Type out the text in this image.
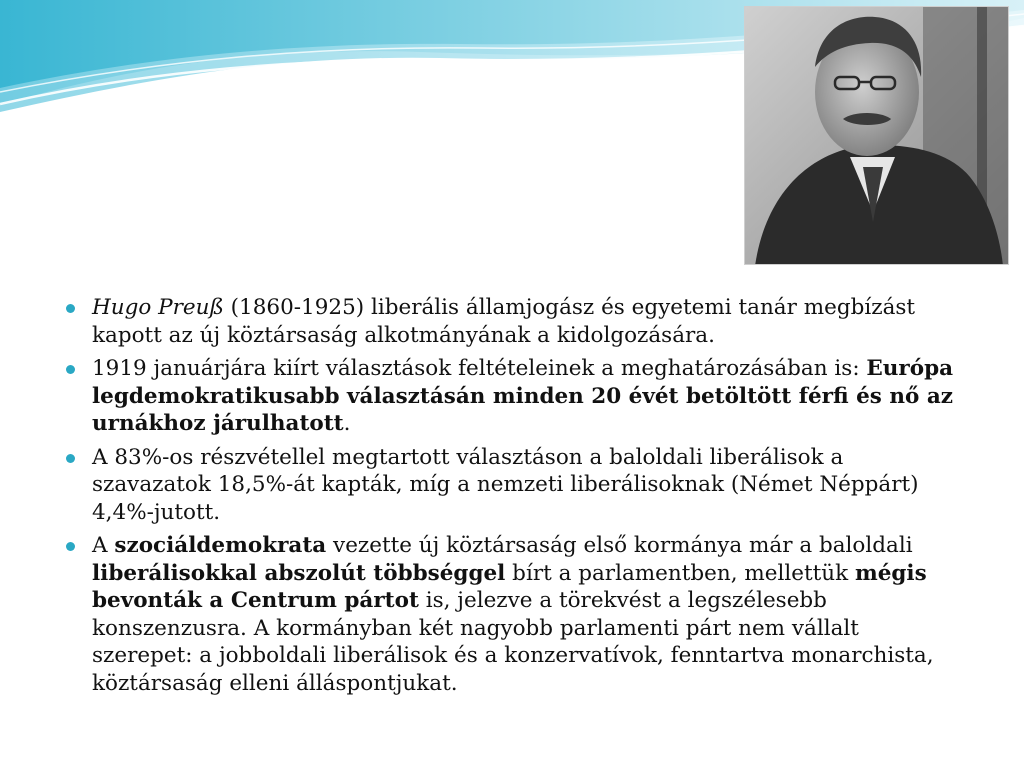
Hugo Preuß (1860-1925) liberális államjogász és egyetemi tanár megbízást kapott az új köztársaság alkotmányának a kidolgozására.
1919 januárjára kiírt választások feltételeinek a meghatározásában is: Európa legdemokratikusabb választásán minden 20 évét betöltött férfi és nő az urnákhoz járulhatott.
A 83%-os részvétellel megtartott választáson a baloldali liberálisok a szavazatok 18,5%-át kapták, míg a nemzeti liberálisoknak (Német Néppárt) 4,4%-jutott.
A szociáldemokrata vezette új köztársaság első kormánya már a baloldali liberálisokkal abszolút többséggel bírt a parlamentben, mellettük mégis bevonták a Centrum pártot is, jelezve a törekvést a legszélesebb konszenzusra. A kormányban két nagyobb parlamenti párt nem vállalt szerepet: a jobboldali liberálisok és a konzervatívok, fenntartva monarchista, köztársaság elleni álláspontjukat.
